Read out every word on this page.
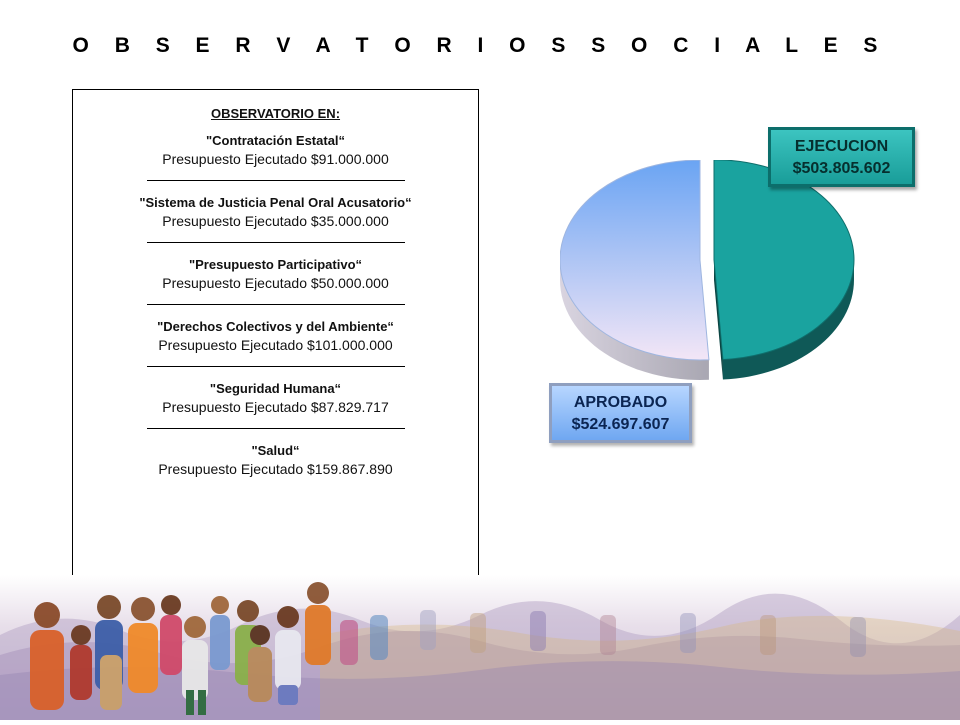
O B S E R V A T O R I O S S O C I A L E S
OBSERVATORIO EN:
"Contratación Estatal“
Presupuesto Ejecutado $91.000.000
"Sistema de Justicia Penal Oral Acusatorio“
Presupuesto Ejecutado $35.000.000
"Presupuesto Participativo“
Presupuesto Ejecutado $50.000.000
"Derechos Colectivos y del Ambiente“
Presupuesto Ejecutado $101.000.000
"Seguridad Humana“
Presupuesto Ejecutado $87.829.717
"Salud“
Presupuesto Ejecutado $159.867.890
EJECUCION
$503.805.602
APROBADO
$524.697.607
